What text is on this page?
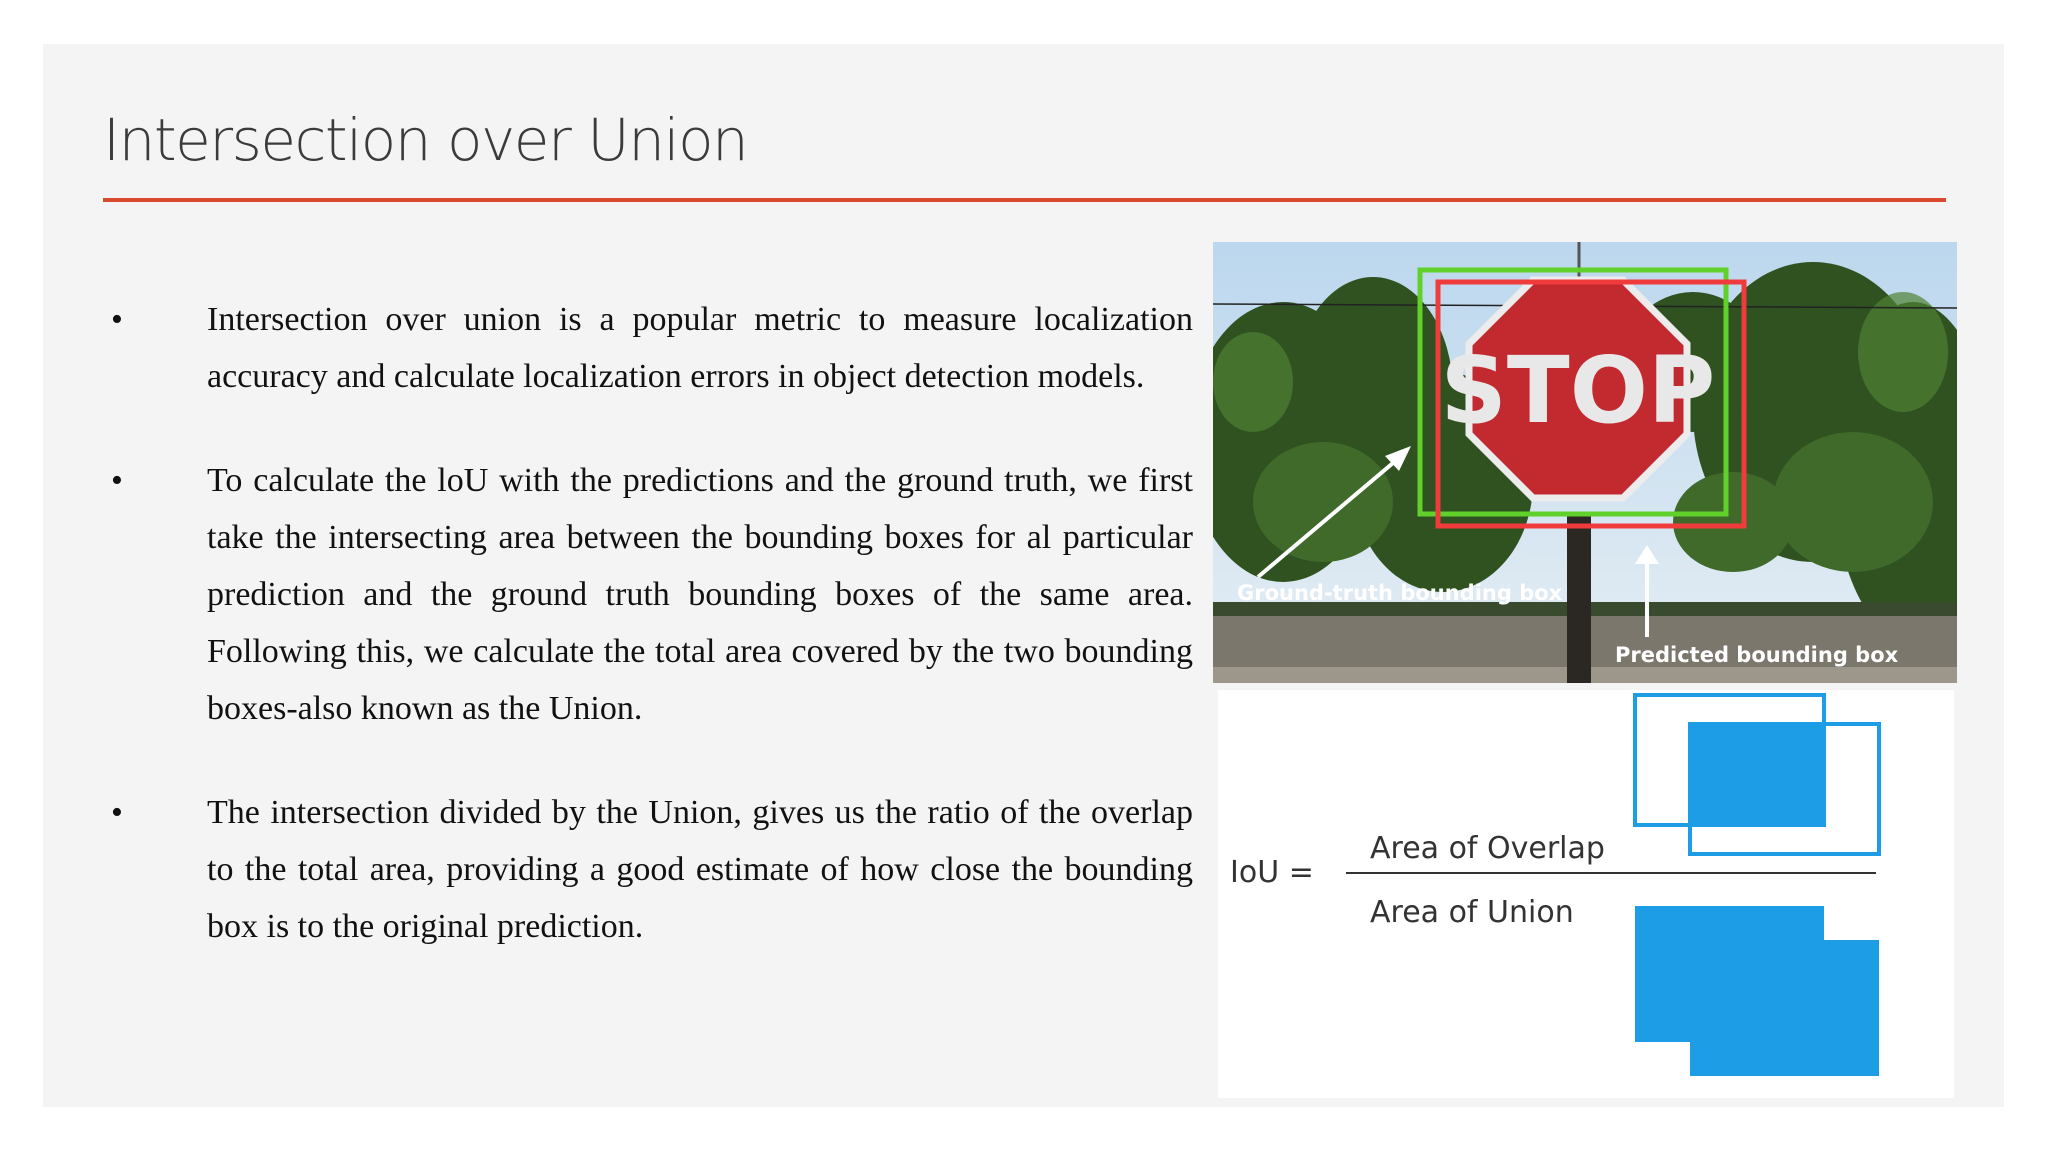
Intersection over Union
• Intersection over union is a popular metric to measure localization accuracy and calculate localization errors in object detection models.
• To calculate the loU with the predictions and the ground truth, we first take the intersecting area between the bounding boxes for al particular prediction and the ground truth bounding boxes of the same area. Following this, we calculate the total area covered by the two bounding boxes-also known as the Union.
• The intersection divided by the Union, gives us the ratio of the overlap to the total area, providing a good estimate of how close the bounding box is to the original prediction.
STOP
Ground-truth bounding box
Predicted bounding box
IoU =
Area of Overlap
Area of Union
